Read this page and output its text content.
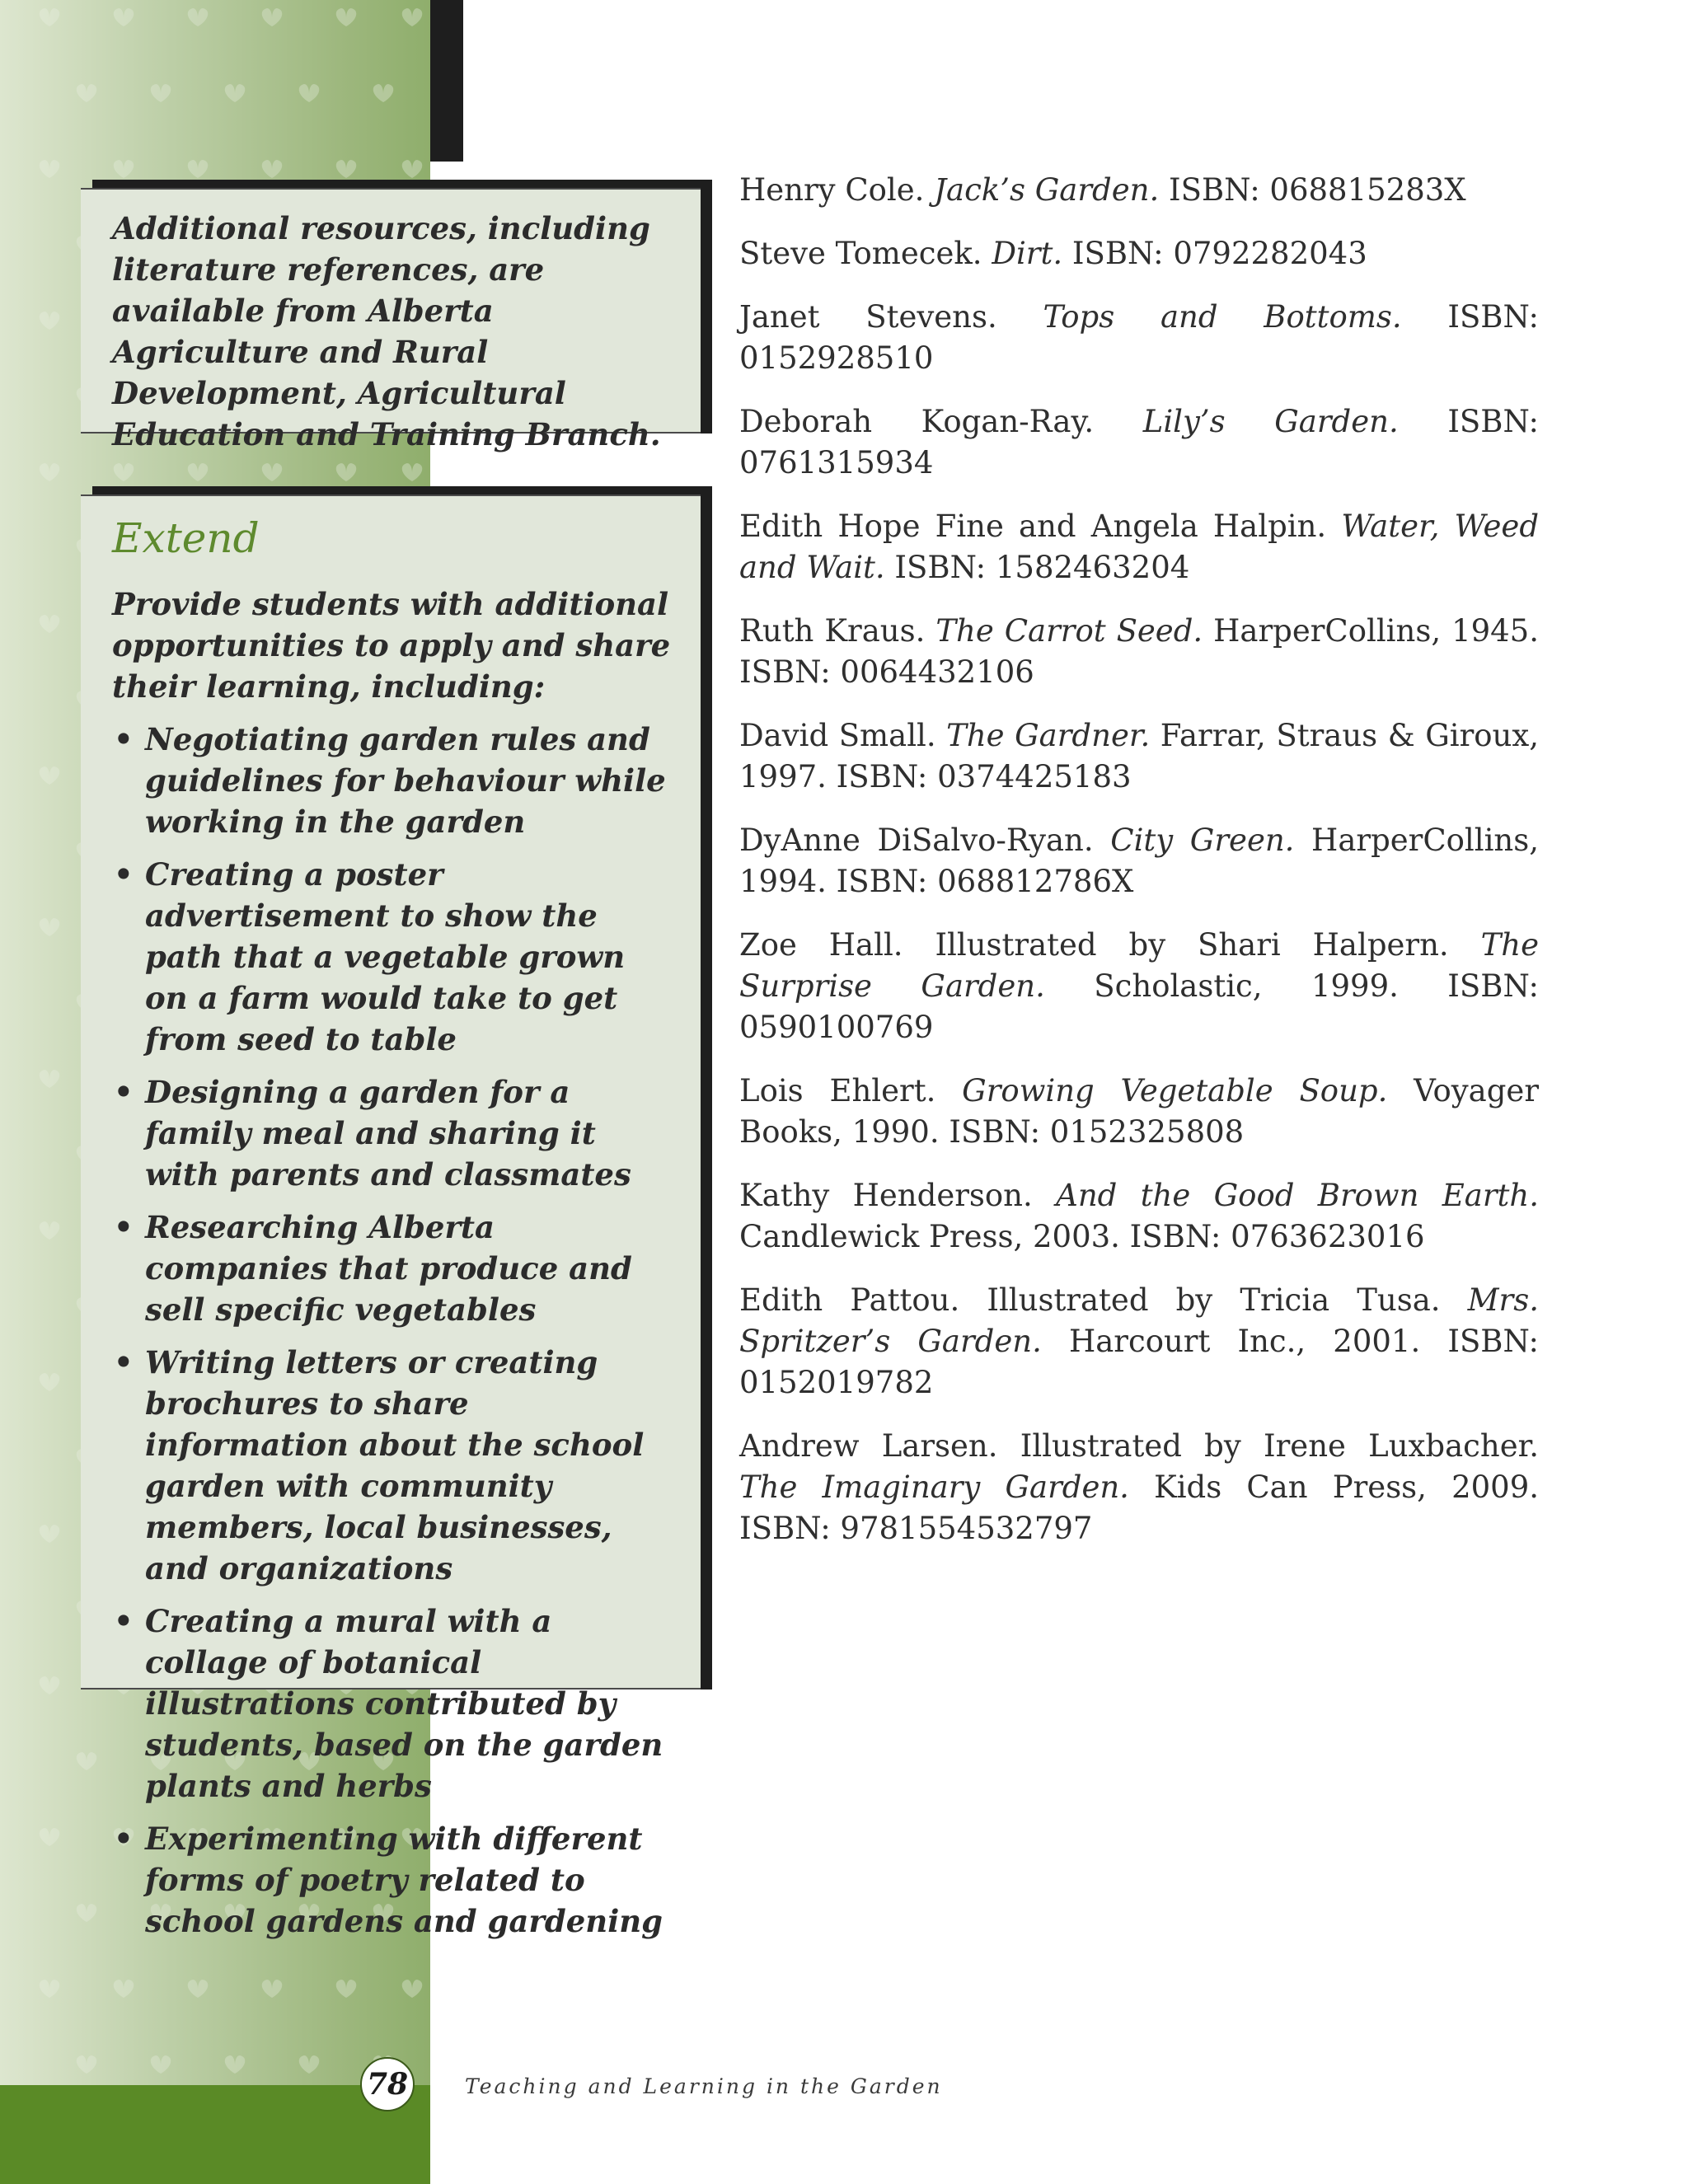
Additional resources, including literature references, are available from Alberta Agriculture and Rural Development, Agricultural Education and Training Branch.
Extend
Provide students with additional opportunities to apply and share their learning, including:
• Negotiating garden rules and guidelines for behaviour while working in the garden
• Creating a poster advertisement to show the path that a vegetable grown on a farm would take to get from seed to table
• Designing a garden for a family meal and sharing it with parents and classmates
• Researching Alberta companies that produce and sell specific vegetables
• Writing letters or creating brochures to share information about the school garden with community members, local businesses, and organizations
• Creating a mural with a collage of botanical illustrations contributed by students, based on the garden plants and herbs
• Experimenting with different forms of poetry related to school gardens and gardening
Henry Cole. Jack’s Garden. ISBN: 068815283X
Steve Tomecek. Dirt. ISBN: 0792282043
Janet Stevens. Tops and Bottoms. ISBN: 0152928510
Deborah Kogan-Ray. Lily’s Garden. ISBN: 0761315934
Edith Hope Fine and Angela Halpin. Water, Weed and Wait. ISBN: 1582463204
Ruth Kraus. The Carrot Seed. HarperCollins, 1945. ISBN: 0064432106
David Small. The Gardner. Farrar, Straus & Giroux, 1997. ISBN: 0374425183
DyAnne DiSalvo-Ryan. City Green. HarperCollins, 1994. ISBN: 068812786X
Zoe Hall. Illustrated by Shari Halpern. The Surprise Garden. Scholastic, 1999. ISBN: 0590100769
Lois Ehlert. Growing Vegetable Soup. Voyager Books, 1990. ISBN: 0152325808
Kathy Henderson. And the Good Brown Earth. Candlewick Press, 2003. ISBN: 0763623016
Edith Pattou. Illustrated by Tricia Tusa. Mrs. Spritzer’s Garden. Harcourt Inc., 2001. ISBN: 0152019782
Andrew Larsen. Illustrated by Irene Luxbacher. The Imaginary Garden. Kids Can Press, 2009. ISBN: 9781554532797
78	Teaching and Learning in the Garden
